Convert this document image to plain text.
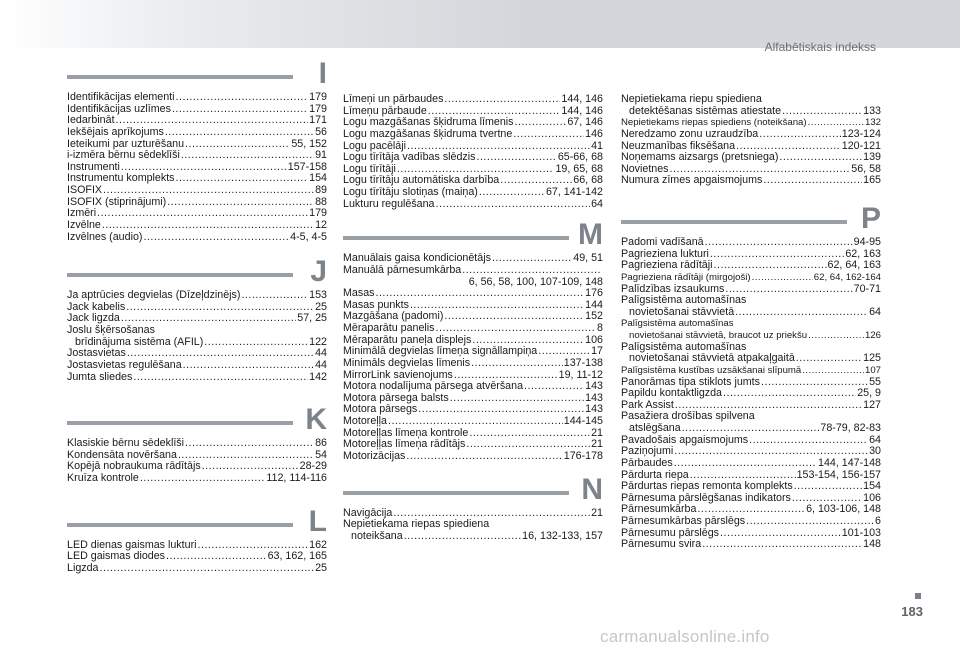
Alfabētiskais indekss
I
Identifikācijas elementi .....	179
Identifikācijas uzlīmes .....	179
Iedarbināt .....	171
Iekšējais aprīkojums .....	56
Ieteikumi par uzturēšanu .....	55, 152
i-izmēra bērnu sēdeklīši .....	91
Instrumenti .....	157-158
Instrumentu komplekts .....	154
ISOFIX .....	89
ISOFIX (stiprinājumi) .....	88
Izmēri .....	179
Izvēlne .....	12
Izvēlnes (audio) .....	4-5, 4-5
J
Ja aptrūcies degvielas (Dīzeļdzinējs) .....	153
Jack kabelis .....	25
Jack ligzda .....	57, 25
Joslu šķērsošanas
brīdinājuma sistēma (AFIL) .....	122
Jostasvietas .....	44
Jostasvietas regulēšana .....	44
Jumta sliedes .....	142
K
Klasiskie bērnu sēdeklīši .....	86
Kondensāta novēršana .....	54
Kopējā nobraukuma rādītājs .....	28-29
Kruīza kontrole .....	112, 114-116
L
LED dienas gaismas lukturi .....	162
LED gaismas diodes .....	63, 162, 165
Ligzda .....	25
Līmeņi un pārbaudes .....	144, 146
Līmeņu pārbaude .....	144, 146
Logu mazgāšanas šķidruma līmenis .....	67, 146
Logu mazgāšanas šķidruma tvertne .....	146
Logu pacēlāji .....	41
Logu tīrītāja vadības slēdzis .....	65-66, 68
Logu tīrītāji .....	19, 65, 68
Logu tīrītāju automātiska darbība .....	66, 68
Logu tīrītāju slotiņas (maiņa) .....	67, 141-142
Lukturu regulēšana .....	64
M
Manuālais gaisa kondicionētājs .....	49, 51
Manuālā pārnesumkārba
.....
6, 56, 58, 100, 107-109, 148
Masas .....	176
Masas punkts .....	144
Mazgāšana (padomi) .....	152
Mēraparātu panelis .....	8
Mēraparātu paneļa displejs .....	106
Minimālā degvielas līmeņa signāllampiņa .....	17
Minimāls degvielas līmenis .....	137-138
MirrorLink savienojums .....	19, 11-12
Motora nodalījuma pārsega atvēršana .....	143
Motora pārsega balsts .....	143
Motora pārsegs .....	143
Motoreļļa .....	144-145
Motoreļļas līmeņa kontrole .....	21
Motoreļļas līmeņa rādītājs .....	21
Motorizācijas .....	176-178
N
Navigācija .....	21
Nepietiekama riepas spiediena
noteikšana .....	16, 132-133, 157
Nepietiekama riepu spiediena
detektēšanas sistēmas atiestate .....	133
Nepietiekams riepas spiediens (noteikšana) .....	132
Neredzamo zonu uzraudzība .....	123-124
Neuzmanības fiksēšana .....	120-121
Noņemams aizsargs (pretsniega) .....	139
Novietnes .....	56, 58
Numura zīmes apgaismojums .....	165
P
Padomi vadīšanā .....	94-95
Pagrieziena lukturi .....	62, 163
Pagrieziena rādītāji .....	62, 64, 163
Pagrieziena rādītāji (mirgojoši) .....	62, 64, 162-164
Palīdzības izsaukums .....	70-71
Palīgsistēma automašīnas
novietošanai stāvvietā .....	64
Palīgsistēma automašīnas
novietošanai stāvvietā, braucot uz priekšu .....	126
Palīgsistēma automašīnas
novietošanai stāvvietā atpakaļgaitā .....	125
Palīgsistēma kustības uzsākšanai slīpumā .....	107
Panorāmas tipa stiklots jumts .....	55
Papildu kontaktligzda .....	25, 9
Park Assist .....	127
Pasažiera drošības spilvena
atslēgšana .....	78-79, 82-83
Pavadošais apgaismojums .....	64
Paziņojumi .....	30
Pārbaudes .....	144, 147-148
Pārdurta riepa .....	153-154, 156-157
Pārdurtas riepas remonta komplekts .....	154
Pārnesuma pārslēgšanas indikators .....	106
Pārnesumkārba .....	6, 103-106, 148
Pārnesumkārbas pārslēgs .....	6
Pārnesumu pārslēgs .....	101-103
Pārnesumu svira .....	148
183
carmanualsonline.info
